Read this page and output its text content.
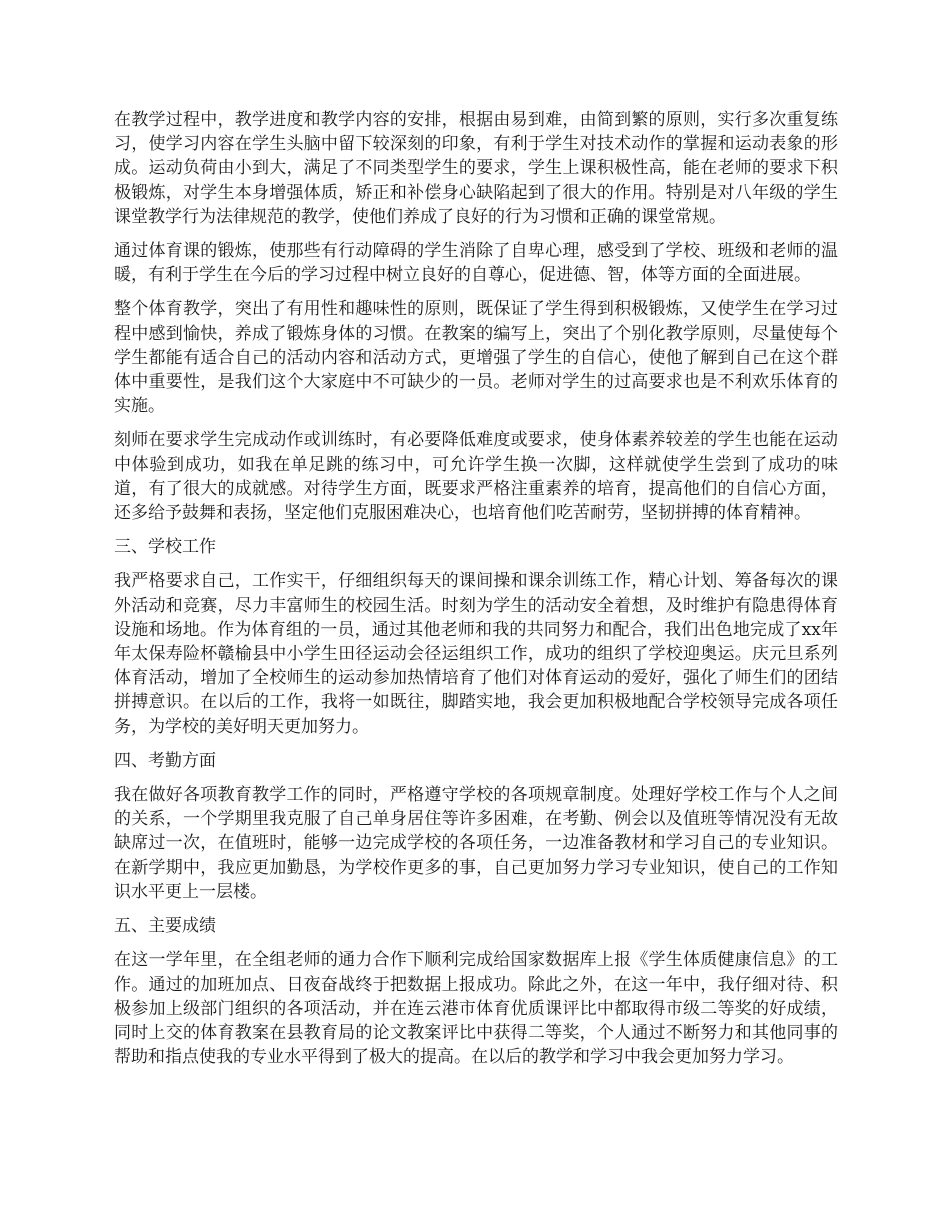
在教学过程中，教学进度和教学内容的安排，根据由易到难，由简到繁的原则，实行多次重复练习，使学习内容在学生头脑中留下较深刻的印象，有利于学生对技术动作的掌握和运动表象的形成。运动负荷由小到大，满足了不同类型学生的要求，学生上课积极性高，能在老师的要求下积极锻炼，对学生本身增强体质，矫正和补偿身心缺陷起到了很大的作用。特别是对八年级的学生课堂教学行为法律规范的教学，使他们养成了良好的行为习惯和正确的课堂常规。

通过体育课的锻炼，使那些有行动障碍的学生消除了自卑心理，感受到了学校、班级和老师的温暖，有利于学生在今后的学习过程中树立良好的自尊心，促进德、智，体等方面的全面进展。

整个体育教学，突出了有用性和趣味性的原则，既保证了学生得到积极锻炼，又使学生在学习过程中感到愉快，养成了锻炼身体的习惯。在教案的编写上，突出了个别化教学原则，尽量使每个学生都能有适合自己的活动内容和活动方式，更增强了学生的自信心，使他了解到自己在这个群体中重要性，是我们这个大家庭中不可缺少的一员。老师对学生的过高要求也是不利欢乐体育的实施。

刻师在要求学生完成动作或训练时，有必要降低难度或要求，使身体素养较差的学生也能在运动中体验到成功，如我在单足跳的练习中，可允许学生换一次脚，这样就使学生尝到了成功的味道，有了很大的成就感。对待学生方面，既要求严格注重素养的培育，提高他们的自信心方面，还多给予鼓舞和表扬，坚定他们克服困难决心，也培育他们吃苦耐劳，坚韧拼搏的体育精神。

三、学校工作

我严格要求自己，工作实干，仔细组织每天的课间操和课余训练工作，精心计划、筹备每次的课外活动和竞赛，尽力丰富师生的校园生活。时刻为学生的活动安全着想，及时维护有隐患得体育设施和场地。作为体育组的一员，通过其他老师和我的共同努力和配合，我们出色地完成了xx年年太保寿险杯赣榆县中小学生田径运动会径运组织工作，成功的组织了学校迎奥运。庆元旦系列体育活动，增加了全校师生的运动参加热情培育了他们对体育运动的爱好，强化了师生们的团结拼搏意识。在以后的工作，我将一如既往，脚踏实地，我会更加积极地配合学校领导完成各项任务，为学校的美好明天更加努力。

四、考勤方面

我在做好各项教育教学工作的同时，严格遵守学校的各项规章制度。处理好学校工作与个人之间的关系，一个学期里我克服了自己单身居住等许多困难，在考勤、例会以及值班等情况没有无故缺席过一次，在值班时，能够一边完成学校的各项任务，一边准备教材和学习自己的专业知识。在新学期中，我应更加勤恳，为学校作更多的事，自己更加努力学习专业知识，使自己的工作知识水平更上一层楼。

五、主要成绩

在这一学年里，在全组老师的通力合作下顺利完成给国家数据库上报《学生体质健康信息》的工作。通过的加班加点、日夜奋战终于把数据上报成功。除此之外，在这一年中，我仔细对待、积极参加上级部门组织的各项活动，并在连云港市体育优质课评比中都取得市级二等奖的好成绩，同时上交的体育教案在县教育局的论文教案评比中获得二等奖，个人通过不断努力和其他同事的帮助和指点使我的专业水平得到了极大的提高。在以后的教学和学习中我会更加努力学习。
